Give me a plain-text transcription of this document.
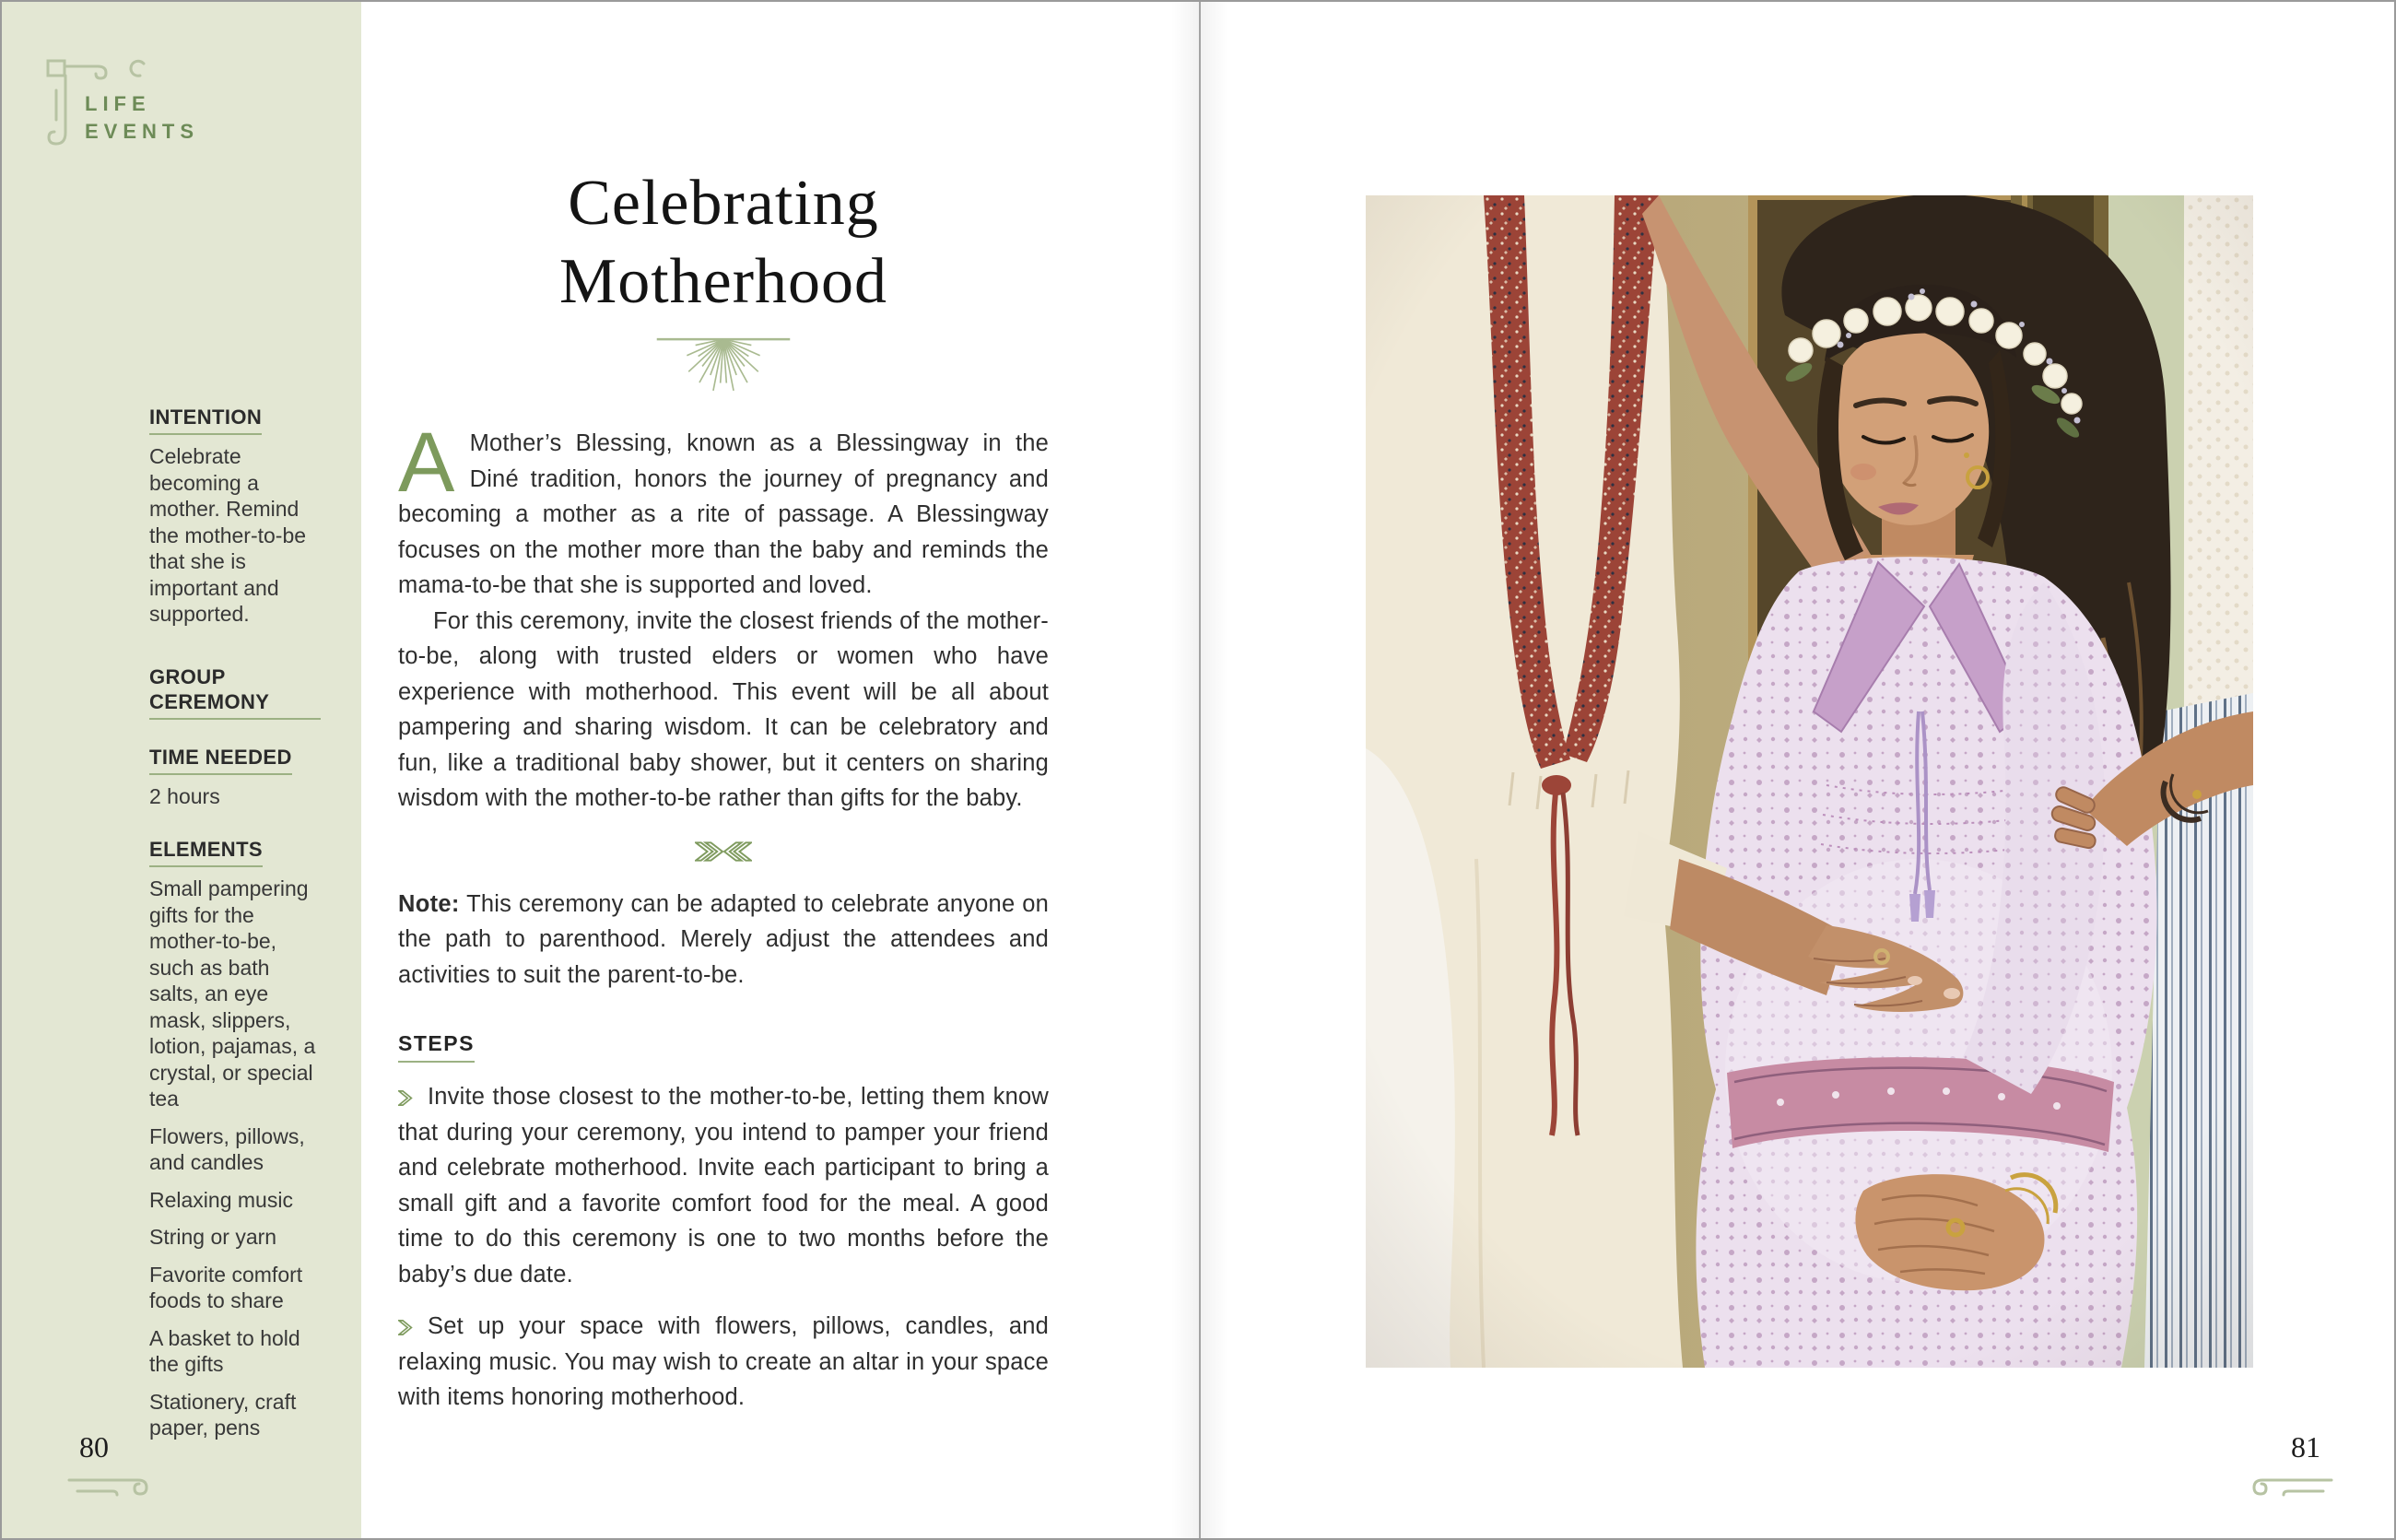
LIFE
EVENTS
INTENTION

Celebrate becoming a mother. Remind the mother-to-be that she is important and supported.

GROUP CEREMONY
TIME NEEDED

2 hours

ELEMENTS

Small pampering gifts for the mother-to-be, such as bath salts, an eye mask, slippers, lotion, pajamas, a crystal, or special tea

Flowers, pillows, and candles

Relaxing music

String or yarn

Favorite comfort foods to share

A basket to hold the gifts

Stationery, craft paper, pens

80
Celebrating
Motherhood

A Mother’s Blessing, known as a Blessingway in the Diné tradition, honors the journey of pregnancy and becoming a mother as a rite of passage. A Blessingway focuses on the mother more than the baby and reminds the mama-to-be that she is supported and loved.

For this ceremony, invite the closest friends of the mother-to-be, along with trusted elders or women who have experience with motherhood. This event will be all about pampering and sharing wisdom. It can be celebratory and fun, like a traditional baby shower, but it centers on sharing wisdom with the mother-to-be rather than gifts for the baby.

Note: This ceremony can be adapted to celebrate anyone on the path to parenthood. Merely adjust the attendees and activities to suit the parent-to-be.

STEPS

Invite those closest to the mother-to-be, letting them know that during your ceremony, you intend to pamper your friend and celebrate motherhood. Invite each participant to bring a small gift and a favorite comfort food for the meal. A good time to do this ceremony is one to two months before the baby’s due date.

Set up your space with flowers, pillows, candles, and relaxing music. You may wish to create an altar in your space with items honoring motherhood.

81
